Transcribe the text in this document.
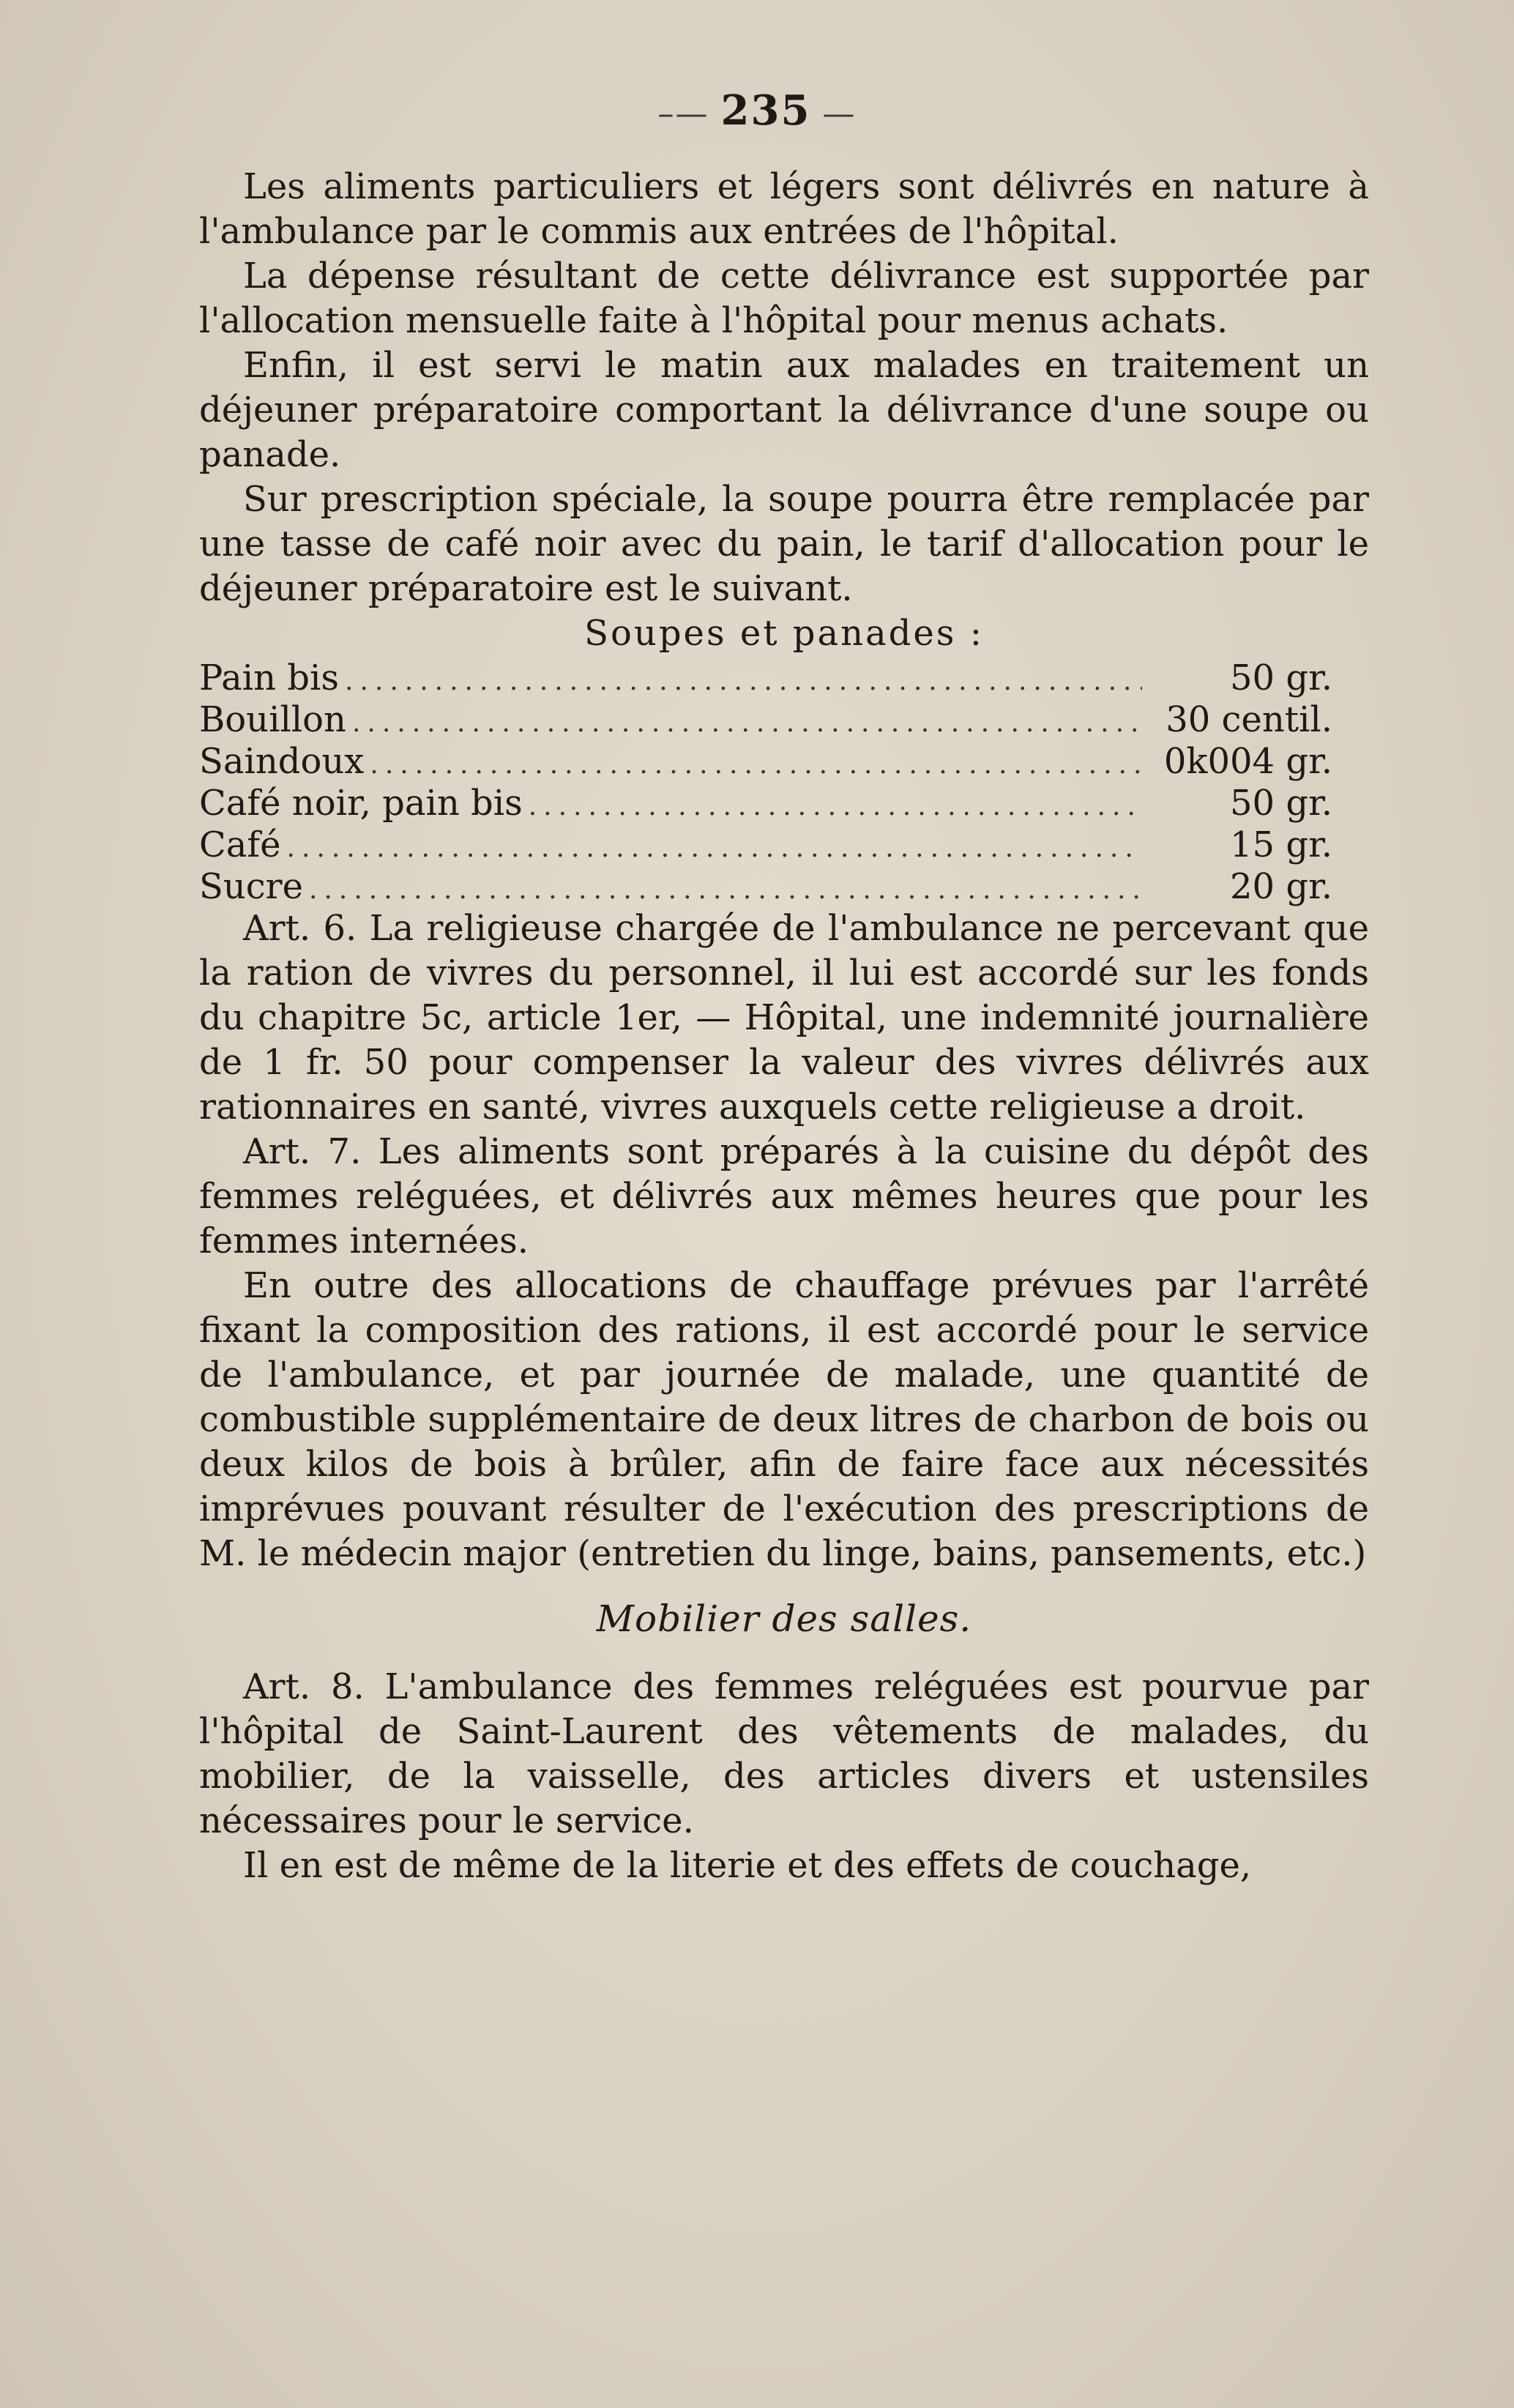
–— 235 —

Les aliments particuliers et légers sont délivrés en nature à l'ambulance par le commis aux entrées de l'hôpital.

La dépense résultant de cette délivrance est supportée par l'allocation mensuelle faite à l'hôpital pour menus achats.

Enfin, il est servi le matin aux malades en traitement un déjeuner préparatoire comportant la délivrance d'une soupe ou panade.

Sur prescription spéciale, la soupe pourra être remplacée par une tasse de café noir avec du pain, le tarif d'allocation pour le déjeuner préparatoire est le suivant.

Soupes et panades :
Pain bis .....	50 gr.
Bouillon .....	30 centil.
Saindoux .....	0k004 gr.
Café noir, pain bis .....	50 gr.
Café .....	15 gr.
Sucre .....	20 gr.

Art. 6. La religieuse chargée de l'ambulance ne percevant que la ration de vivres du personnel, il lui est accordé sur les fonds du chapitre 5c, article 1er, — Hôpital, une indemnité journalière de 1 fr. 50 pour compenser la valeur des vivres délivrés aux rationnaires en santé, vivres auxquels cette religieuse a droit.

Art. 7. Les aliments sont préparés à la cuisine du dépôt des femmes reléguées, et délivrés aux mêmes heures que pour les femmes internées.

En outre des allocations de chauffage prévues par l'arrêté fixant la composition des rations, il est accordé pour le service de l'ambulance, et par journée de malade, une quantité de combustible supplémentaire de deux litres de charbon de bois ou deux kilos de bois à brûler, afin de faire face aux nécessités imprévues pouvant résulter de l'exécution des prescriptions de M. le médecin major (entretien du linge, bains, pansements, etc.)

Mobilier des salles.

Art. 8. L'ambulance des femmes reléguées est pourvue par l'hôpital de Saint-Laurent des vêtements de malades, du mobilier, de la vaisselle, des articles divers et ustensiles nécessaires pour le service.

Il en est de même de la literie et des effets de couchage,
